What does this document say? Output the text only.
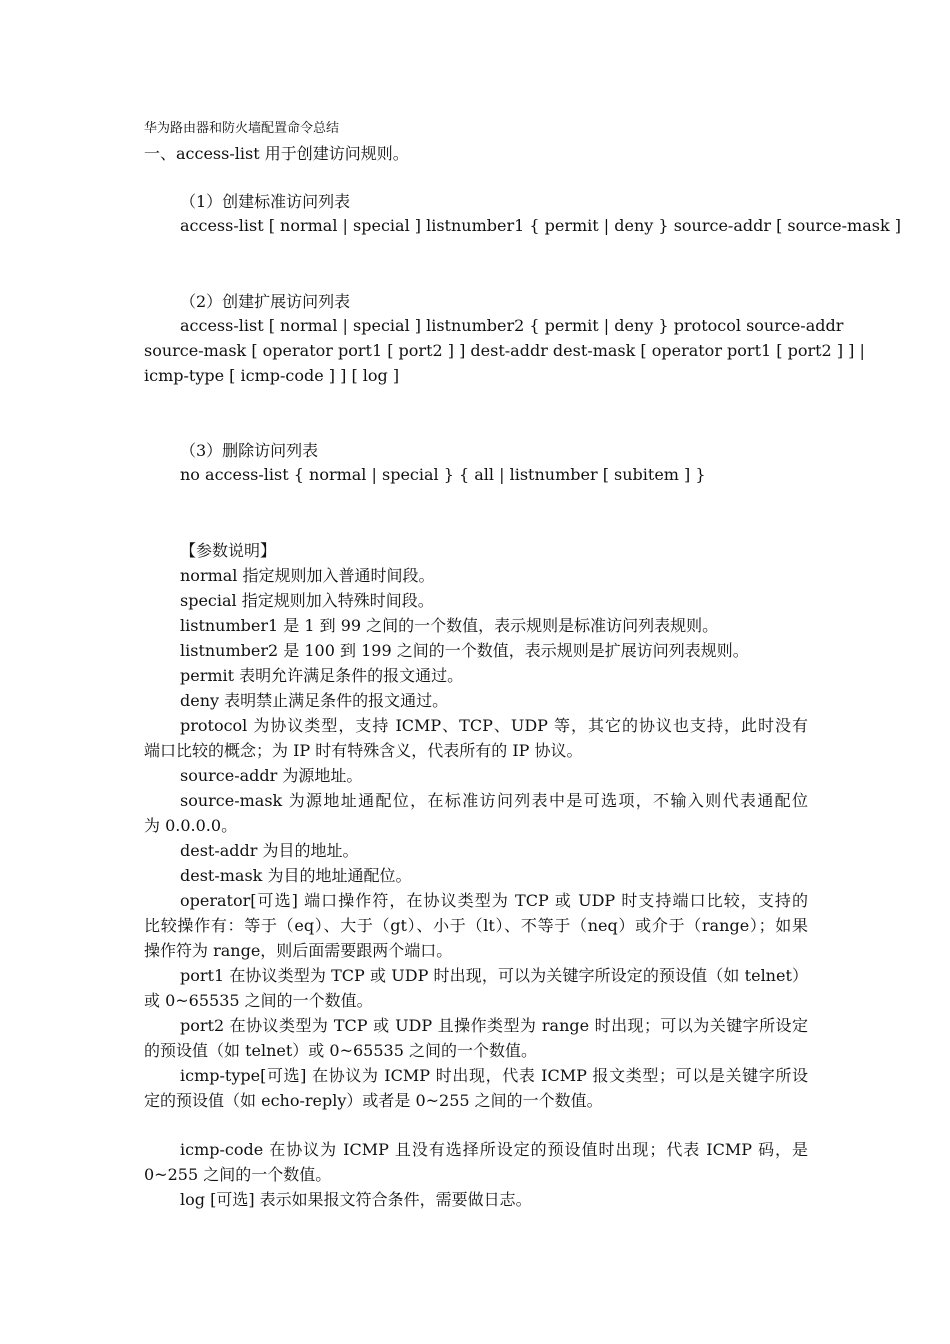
华为路由器和防火墙配置命令总结
一、access-list 用于创建访问规则。
（1）创建标准访问列表
access-list [ normal | special ] listnumber1 { permit | deny } source-addr [ source-mask ]
（2）创建扩展访问列表
access-list [ normal | special ] listnumber2 { permit | deny } protocol source-addr
source-mask [ operator port1 [ port2 ] ] dest-addr dest-mask [ operator port1 [ port2 ] ] |
icmp-type [ icmp-code ] ] [ log ]
（3）删除访问列表
no access-list { normal | special } { all | listnumber [ subitem ] }
【参数说明】
normal 指定规则加入普通时间段。
special 指定规则加入特殊时间段。
listnumber1 是 1 到 99 之间的一个数值，表示规则是标准访问列表规则。
listnumber2 是 100 到 199 之间的一个数值，表示规则是扩展访问列表规则。
permit 表明允许满足条件的报文通过。
deny 表明禁止满足条件的报文通过。
protocol 为协议类型，支持 ICMP、TCP、UDP 等，其它的协议也支持，此时没有
端口比较的概念；为 IP 时有特殊含义，代表所有的 IP 协议。
source-addr 为源地址。
source-mask 为源地址通配位，在标准访问列表中是可选项，不输入则代表通配位
为 0.0.0.0。
dest-addr 为目的地址。
dest-mask 为目的地址通配位。
operator[可选] 端口操作符，在协议类型为 TCP 或 UDP 时支持端口比较，支持的
比较操作有：等于（eq）、大于（gt）、小于（lt）、不等于（neq）或介于（range）；如果
操作符为 range，则后面需要跟两个端口。
port1 在协议类型为 TCP 或 UDP 时出现，可以为关键字所设定的预设值（如 telnet）
或 0~65535 之间的一个数值。
port2 在协议类型为 TCP 或 UDP 且操作类型为 range 时出现；可以为关键字所设定
的预设值（如 telnet）或 0~65535 之间的一个数值。
icmp-type[可选] 在协议为 ICMP 时出现，代表 ICMP 报文类型；可以是关键字所设
定的预设值（如 echo-reply）或者是 0~255 之间的一个数值。
icmp-code 在协议为 ICMP 且没有选择所设定的预设值时出现；代表 ICMP 码，是
0~255 之间的一个数值。
log [可选] 表示如果报文符合条件，需要做日志。
